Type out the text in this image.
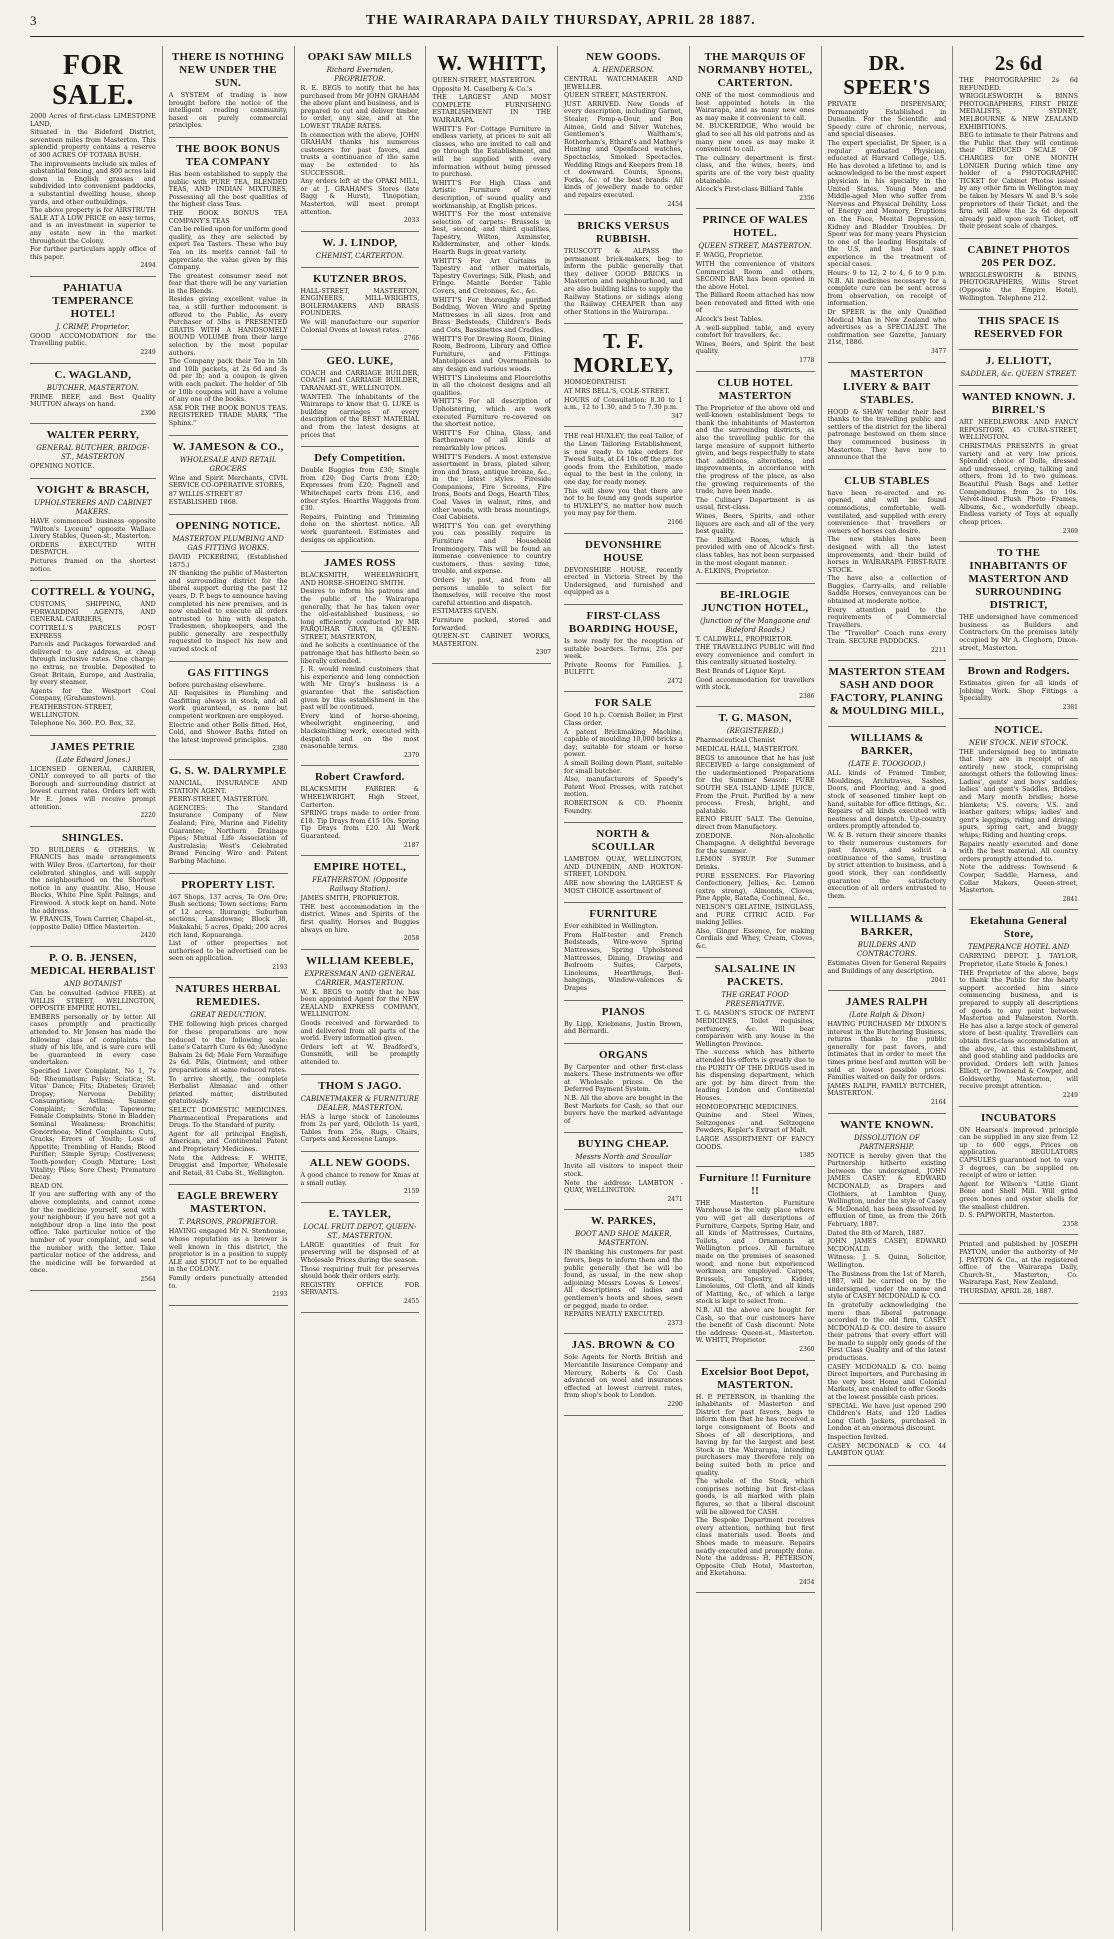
3	THE WAIRARAPA DAILY THURSDAY, APRIL 28 1887.
FOR SALE.
2000 Acres of first-class LIMESTONE LAND,
Situated in the Bideford District, seventeen miles from Masterton. This splendid property contains a reserve of 300 ACRES OF TOTARA BUSH.
The improvements include six miles of substantial fencing, and 800 acres laid down in English grasses and subdivided into convenient paddocks, a substantial dwelling house, sheep yards, and other outbuildings.
The above property is for AIRSTRUTH SALE AT A LOW PRICE on easy terms, and is an investment in superior to any estate now in the market throughout the Colony.
For further particulars apply office of this paper.
2494
PAHIATUA TEMPERANCE HOTEL!
J. CRIMP, Proprietor.
GOOD ACCOMODATION for the Travelling public.
2249
C. WAGLAND,
BUTCHER, MASTERTON.
PRIME BEEF, and Best Quality MUTTON always on hand.
2390
WALTER PERRY,
GENERAL BUTCHER, BRIDGE-ST., MASTERTON
OPENING NOTICE.
VOIGHT & BRASCH,
UPHOLSTERERS AND CABINET MAKERS.
HAVE commenced business opposite "Wilton's Lyceum" opposite Wallace Livery Stables, Queen-st., Masterton.
ORDERS EXECUTED WITH DESPATCH.
Pictures framed on the shortest notice.
COTTRELL & YOUNG,
CUSTOMS, SHIPPING, AND FORWARDING AGENTS, AND GENERAL CARRIERS,
COTTRELL'S PARCELS POST EXPRESS
Parcels and Packages forwarded and delivered to any address, at cheap through inclusive rates. One charge; no extras; no trouble. Deposited to Great Britain, Europe, and Australia, by every steamer.
Agents for the Westport Coal Company, (Grahamstown).
FEATHERSTON-STREET, WELLINGTON.
Telephone No. 360. P.O. Box, 32.
JAMES PETRIE
(Late Edward Jones.)
LICENSED GENERAL CARRIER, ONLY conveyed to all parts of the Borough and surrounding district at lowest current rates. Orders left with Mr E. Jones will receive prompt attention.
2220
SHINGLES.
TO BUILDERS & OTHERS. W. FRANCIS has made arrangements with Wiley Bros. (Carterton), for their celebrated shingles, and will supply the neighbourhood on the Shortest notice in any quantity. Also, House Blocks, White Pine Split Palings, and Firewood. A stock kept on hand. Note the address.
W. FRANCIS, Town Carrier, Chapel-st., (opposite Dalie) Office Masterton.
2420
P. O. B. JENSEN, MEDICAL HERBALIST
AND BOTANIST
Can be consulted (advice FREE) at WILLIS STREET, WELLINGTON, OPPOSITE EMPIRE HOTEL.
EMBERS personally or by letter. All cases promptly and practically attended to. Mr Jensen has made the following class of complaints the study of his life, and is sure cure will be guaranteed in every case undertaken.
Specified Liver Complaint, No 1, 7s 6d; Rheumatism; Palsy; Sciatica; St. Vitus' Dance; Fits; Diabetes; Gravel; Dropsy; Nervous Debility; Consumption; Asthma; Summer Complaint; Scrofula; Tapeworm; Female Complaints; Stone in Bladder; Seminal Weakness; Bronchitis; Gonorrhoea; Mind Complaints; Cuts, Cracks; Errors of Youth; Loss of Appetite; Trembling of Hands; Blood Purifier; Simple Syrup; Costiveness; Tooth-powder; Cough Mixture; Lost Vitality; Piles; Sore Chest; Premature Decay.
READ ON.
If you are suffering with any of the above complaints, and cannot come for the medicine yourself, send with your neighbour; if you have not got a neighbour drop a line into the post office. Take particular notice of the number of your complaint, and send the number with the letter. Take particular notice of the address, and the medicine will be forwarded at once.
2564
THERE IS NOTHING NEW UNDER THE SUN.
A SYSTEM of trading is now brought before the notice of the intelligent reading community, based on purely commercial principles.
THE BOOK BONUS TEA COMPANY
Has been established to supply the public with PURE TEA, BLENDED TEAS, AND INDIAN MIXTURES, Possessing all the best qualities of the highest class Teas.
THE BOOK BONUS TEA COMPANY'S TEAS
Can be relied upon for uniform good quality, as they are selected by expert Tea Tasters. These who buy Tea on its merits cannot fail to appreciate the value given by this Company.
The greatest consumer need not fear that there will be any variation in the Blends.
Besides giving excellent value in tea, a still further inducement is offered to the Public, As every Purchaser of 5lbs is PRESENTED GRATIS WITH A HANDSOMELY BOUND VOLUME from their large selection by the most popular authors.
The Company pack their Tea in 5lb and 10lb packets, at 2s 6d and 3s 0d per lb; and a coupon is given with each packet. The holder of 5lb or 10lb coupons will have a volume of any one of the books.
ASK FOR THE BOOK BONUS TEAS. REGISTERED TRADE MARK "The Sphinx."
W. JAMESON & CO.,
WHOLESALE AND RETAIL GROCERS
Wine and Spirit Merchants, CIVIL SERVICE CO-OPERATIVE STORES,
87 WILLIS-STREET 87
ESTABLISHED 1868.
OPENING NOTICE.
MASTERTON PLUMBING AND GAS FITTING WORKS.
DAVID PICKERING, (Established 1875.)
IN thanking the public of Masterton and surrounding district for the liberal support during the past 12 years, D. P. begs to announce having completed his new premises, and is now enabled to execute all orders entrusted to him with despatch. Tradesmen, shopkeepers, and the public generally are respectfully requested to inspect his new and varied stock of
GAS FITTINGS
before purchasing elsewhere.
All Requisites in Plumbing and Gasfitting always in stock, and all work guaranteed, as none but competent workmen are employed.
Electric and other Bells fitted. Hot, Cold, and Shower Baths fitted on the latest improved principles.
2380
G. S. W. DALRYMPLE
NANCIAL, INSURANCE AND STATION AGENT.
PERRY-STREET, MASTERTON.
AGENCIES: The Standard Insurance Company of New Zealand; Fire, Marine and Fidelity Guarantee; Northern Drainage Pipes; Mutual Life Association of Australasia; West's Celebrated Brand Fencing Wire and Patent Barbing Machine.
PROPERTY LIST.
467 Shops, 137 acres, Te Ore Ore; Bush sections; Town sections; Farm of 12 acres, Ihurangi; Suburban sections, Lansdowne; Block 38, Makakahi; 5 acres, Opaki; 200 acres rich land, Kopuaranga.
List of other properties not authorised to be advertised can be seen on application.
2193
NATURES HERBAL REMEDIES.
GREAT REDUCTION.
THE following high prices charged for these preparations are now reduced to the following scale: Lane's Catarrh Cure 4s 6d; Anodyne Balsam 2s 6d; Male Fern Vermifuge 2s 6d. Pills, Ointment, and other preparations at same reduced rates.
To arrive shortly, the complete Herbalist Almanac and other printed matter, distributed gratuitously.
SELECT DOMESTIC MEDICINES. Pharmaceutical Preparations and Drugs. To the Standard of purity.
Agent for all principal English, American, and Continental Patent and Proprietary Medicines.
Note the Address: F. WHITE, Druggist and Importer, Wholesale and Retail, 81 Cuba St., Wellington.
EAGLE BREWERY MASTERTON.
T. PARSONS, PROPRIETOR.
HAVING engaged Mr N. Stenhouse, whose reputation as a brewer is well known in this district, the proprietor is in a position to supply ALE and STOUT not to be equalled in the COLONY.
Family orders punctually attended to.
2193
OPAKI SAW MILLS
Richard Evernden, PROPRIETOR.
R. E. BEGS to notify that he has purchased from Mr JOHN GRAHAM the above plant and business, and is prepared to cut and deliver timber, to order, any size, and at the LOWEST TRADE RATES.
In connection with the above, JOHN GRAHAM thanks his numerous customers for past favors, and trusts a continuance of the same may be extended to his SUCCESSOR.
Any orders left at the OPAKI MILL, or at J. GRAHAM'S Stores (late Bagg & Hurst), Tinopotian, Masterton, will meet prompt attention.
2033
W. J. LINDOP,
CHEMIST, CARTERTON.
KUTZNER BROS.
HALL-STREET, MASTERTON, ENGINEERS, MILL-WRIGHTS, BOILERMAKERS AND BRASS FOUNDERS.
We will manufacture our superior Colonial Ovens at lowest rates.
2766
GEO. LUKE,
COACH and CARRIAGE BUILDER, COACH and CARRIAGE BUILDER, TARANAKI-ST., WELLINGTON.
WANTED. The inhabitants of the Wairarapa to know that G. LUKE is building carriages of every description of the BEST MATERIAL and from the latest designs at prices that
Defy Competition.
Double Buggies from £30; Single from £20; Dog Carts from £20; Expresses from £20; Pagnell and Whitechapel carts from £16, and other styles. Hearths Waggons from £30.
Repairs, Painting and Trimming done on the shortest notice. All work guaranteed. Estimates and designs on application.
JAMES ROSS
BLACKSMITH, WHEELWRIGHT, AND HORSE-SHOEING SMITH.
Desires to inform his patrons and the public of the Wairarapa generally, that he has taken over the old-established business, so long efficiently conducted by MR FARQUHAR GRAY, In QUEEN-STREET, MASTERTON,
and he solicits a continuance of the patronage that has hitherto been so liberally extended.
J. R. would remind customers that his experience and long connection with Mr Gray's business is a guarantee that the satisfaction given by this establishment in the past will be continued.
Every kind of horse-shoeing, wheelwright engineering, and blacksmithing work, executed with despatch and on the most reasonable terms.
2379
Robert Crawford.
BLACKSMITH FARRIER & WHEELWRIGHT, High Street, Carterton.
SPRING traps made to order from £18. Tip Drays from £15 10s. Spring Tip Drays from £20. All Work Guaranteed.
2187
EMPIRE HOTEL,
FEATHERSTON. (Opposite Railway Station).
JAMES SMITH, PROPRIETOR.
THE best accommodation in the district. Wines and Spirits of the first quality. Horses and Buggies always on hire.
2058
WILLIAM KEEBLE,
EXPRESSMAN AND GENERAL CARRIER, MASTERTON.
W. K. BEGS to notify that he has been appointed Agent for the NEW ZEALAND EXPRESS COMPANY, WELLINGTON.
Goods received and forwarded to and delivered from all parts of the world. Every information given.
Orders left at W. Bradford's, Gunsmith, will be promptly attended to.
THOM S JAGO.
CABINETMAKER & FURNITURE DEALER, MASTERTON.
HAS a large stock of Linoleums from 2s per yard, Oilcloth 1s yard, Tables from 25s, Rugs, Chairs, Carpets and Kerosene Lamps.
ALL NEW GOODS.
A good chance to renew for Xmas at a small outlay.
2159
E. TAYLER,
LOCAL FRUIT DEPOT, QUEEN-ST., MASTERTON.
LARGE quantities of fruit for preserving will be disposed of at Wholesale Prices during the season.
Those requiring fruit for preserves should book their orders early.
REGISTRY OFFICE FOR SERVANTS.
2455
W. WHITT,
QUEEN-STREET, MASTERTON.
Opposite M. Caselberg & Co.'s
THE LARGEST AND MOST COMPLETE FURNISHING ESTABLISHMENT IN THE WAIRARAPA.
WHITT'S For Cottage Furniture in endless variety, at prices to suit all classes, who are invited to call and go through the Establishment, and will be supplied with every information without being pressed to purchase.
WHITT'S For High Class and Artistic Furniture of every description, of sound quality and workmanship, at English prices.
WHITT'S For the most extensive selection of carpets: Brussels in best, second, and third qualities, Tapestry, Wilton, Axminster, Kidderminster, and other kinds. Hearth Rugs in great variety.
WHITT'S For Art Curtains in Tapestry and other materials, Tapestry Coverings; Silk, Plush, and Fringe. Mantle Border Table Covers, and Cretonnes, &c., &c.
WHITT'S For thoroughly purified Bedding, Woven Wire and Spring Mattresses in all sizes. Iron and Brass Bedsteads, Children's Beds and Cots, Bassinettes and Cradles.
WHITT'S For Drawing Room, Dining Room, Bedroom, Library and Office Furniture, and Fittings. Mantelpieces and Overmantels to any design and various woods.
WHITT'S Linoleums and Floorcloths in all the choicest designs and all qualities.
WHITT'S For all description of Upholstering, which are work executed Furniture re-covered on the shortest notice.
WHITT'S For China, Glass, and Earthenware of all kinds at remarkably low prices.
WHITT'S Fenders. A most extensive assortment in brass, plated silver, iron and brass, antique bronze, &c., in the latest styles. Fireside Companions, Fire Screens, Fire Irons, Boots and Dogs, Hearth Tiles, Coal Vases in walnut, rims, and other woods, with brass mountings, Coal Cabinets.
WHITT'S You can get everything you can possibly require in Furniture and Household Ironmongery. This will be found an immense convenience to country customers, thus saving time, trouble, and expense.
Orders by post, and from all persons unable to select for themselves, will receive the most careful attention and dispatch.
ESTIMATES GIVEN.
Furniture packed, stored and forwarded.
QUEEN-ST. CABINET WORKS, MASTERTON.
2307
NEW GOODS.
A. HENDERSON.
CENTRAL WATCHMAKER AND JEWELLER.
QUEEN STREET, MASTERTON.
JUST ARRIVED. New Goods of every description, including Garnet, Stealer, Pomp-a-Dour, and Bon Aimee, Gold and Silver Watches, Gentlemen's Waltham's, Rotherham's, Ethard's and Mathey's Hunting and Openfaced watches, Spectacles, Smoked Spectacles. Wedding Rings and Keepers from 18 ct downward. Counts, Spoons, Forks, &c. of the best brands. All kinds of jewellery made to order and repairs executed.
2454
BRICKS VERSUS RUBBISH.
TRUSCOTT & ALPASS the permanent brick-makers, beg to inform the public generally that they deliver GOOD BRICKS in Masterton and neighbourhood, and are also building kilns to supply the Railway Stations or sidings along the Railway CHEAPER than any other Stations in the Wairarapa.
T. F. MORLEY,
HOMOEOPATHIST.
AT MRS BELL'S, COLE-STREET.
HOURS of Consultation: 8.30 to 1 a.m., 12 to 1.30, and 5 to 7.30 p.m.
347
THE real HUXLEY, the real Tailor, of the Linen Tailoring Establishment, is now ready to take orders for Tweed Suits, at £4 10s off the prices goods from the Exhibition, made equal to the best in the colony, in one day, for ready money.
This will show you that there are not to be found any goods superior to HUXLEY'S, no matter how much you may pay for them.
2166
DEVONSHIRE HOUSE
DEVONSHIRE HOUSE, recently erected in Victoria Street by the Undersigned, and furnished and equipped as a
FIRST-CLASS BOARDING HOUSE,
Is now ready for the reception of suitable boarders. Terms, 25s per week.
Private Rooms for Families. J. BULFITT.
2472
FOR SALE
Good 10 h.p. Cornish Boiler, in First Class order.
A patent Brickmaking Machine, capable of moulding 10,000 bricks a day; suitable for steam or horse power.
A small Boiling down Plant, suitable for small butcher.
Also, manufacturers of Speedy's Patent Wool Presses, with ratchet motion.
ROBERTSON & CO. Phoenix Foundry.
NORTH & SCOULLAR
LAMBTON QUAY, WELLINGTON, AND DUNEDIN, AND HOXTON-STREET, LONDON.
ARE now showing the LARGEST & MOST CHOICE assortment of
FURNITURE
Ever exhibited in Wellington.
From Half-tester and French Bedsteads, Wire-wove Spring Mattresses, Spring Upholstered Mattresses, Dining, Drawing and Bedroom Suites, Carpets, Linoleums, Hearthrugs, Bed-hangings, Window-valences & Drapes
PIANOS
By Lipp, Kriebnans, Justin Brown, and Bernardi.
ORGANS
By Carpenter and other first-class makers. These instruments we offer at Wholesale prices. On the Deferred Payment System.
N.B. All the above are bought in the Best Markets for Cash, so that our buyers have the marked advantage of
BUYING CHEAP.
Messrs North and Scoullar
Invite all visitors to inspect their stock.
Note the address: LAMBTON - QUAY, WELLINGTON.
2471
W. PARKES,
BOOT AND SHOE MAKER, MASTERTON.
IN thanking his customers for past favors, begs to inform them and the public generally that he will be found, as usual, in the new shop adjoining Messrs Lowes & Lowes'. All descriptions of ladies and gentlemen's boots and shoes, sewn or pegged, made to order.
REPAIRS NEATLY EXECUTED.
2373
JAS. BROWN & CO
Sole Agents for North British and Mercantile Insurance Company and Mercury, Roberts & Co. Cash advanced on wool and insurances effected at lowest current rates, from shop's book to London.
2290
THE MARQUIS OF NORMANBY HOTEL, CARTERTON.
ONE of the most commodious and best appointed hotels in the Wairarapa, and as many new ones as may make it convenient to call.
M. BUCKERIDGE, Who would be glad to see all his old patrons and as many new ones as may make it convenient to call.
The culinary department is first-class, and the wines, beers, and spirits are of the very best quality obtainable.
Alcock's First-class Billiard Table
2356
PRINCE OF WALES HOTEL.
QUEEN STREET, MASTERTON.
F. WAGG, Proprietor.
WITH the convenience of visitors Commercial Room and others, SECOND BAR has been opened in the above Hotel.
The Billiard Room attached has now been renovated and fitted with one of
Alcock's best Tables.
A well-supplied table, and every comfort for travellers, &c.
Wines, Beers, and Spirit the best quality.
1778
CLUB HOTEL MASTERTON
The Proprietor of the above old and well-known establishment begs to thank the inhabitants of Masterton and the surrounding districts, as also the travelling public for the large measure of support hitherto given, and begs respectfully to state that additions, alterations, and improvements, in accordance with the progress of the place, as also the growing requirements of the trade, have been made.
The Culinary Department is as usual, first-class.
Wines, Beers, Spirits, and other liquors are each and all of the very best quality.
The Billiard Room, which is provided with one of Alcock's first-class tables, has not been surpassed in the most elegant manner.
A. ELKINS, Proprietor.
BE-IRLOGIE JUNCTION HOTEL,
(Junction of the Mangaone and Bideford Roads.)
T. CALDWELL, PROPRIETOR.
THE TRAVELLING PUBLIC will find every convenience and comfort in this centrally situated hostelry.
Best Brands of Liquor Kept.
Good accommodation for travellers with stock.
2386
T. G. MASON,
(REGISTERED.)
Pharmaceutical Chemist
MEDICAL HALL, MASTERTON.
BEGS to announce that he has just RECEIVED a large consignment of the undermentioned Preparations for the Summer Season: PURE SOUTH SEA ISLAND LIME JUICE. From the Fruit. Purified by a new process. Fresh, bright, and palatable.
EENO FRUIT SALT. The Genuine, direct from Manufactory.
ZOEDONE. Non-alcoholic Champagne. A delightful beverage for the summer.
LEMON SYRUP. For Summer Drinks.
PURE ESSENCES. For Flavoring Confectionery, Jellies, &c. Lemon (extra strong), Almonds, Cloves, Pine Apple, Ratafia, Cochineal, &c.
NELSON'S GELATINE, ISINGLASS, and PURE CITRIC ACID. For making Jellies.
Also, Ginger Essence, for making Cordials and Whey, Cream, Cloves, &c.
SALSALINE IN PACKETS.
THE GREAT FOOD PRESERVATIVE.
T. G. MASON'S STOCK OF PATENT MEDICINES, Toilet requisites, perfumery, &c. Will bear comparison with any house in the Wellington Province.
The success which has hitherto attended his efforts is greatly due to the PURITY OF THE DRUGS used in his dispensing department, which are got by him direct from the leading London and Continental Houses.
HOMOEOPATHIC MEDICINES.
Quinine and Steel Wines, Seltzogenes and Seltzogene Powders, Kepler's Extract of Malt.
LARGE ASSORTMENT OF FANCY GOODS.
1385
Furniture !! Furniture !!
THE Masterton Furniture Warehouse is the only place where you will get all descriptions of Furniture, Carpets, Spring Hair, and all kinds of Mattresses, Curtains, Toilets, and Ornaments at Wellington prices. All furniture made on the premises of seasoned wood, and none but experienced workmen are employed. Carpets, Brussels, Tapestry, Kidder, Linoleums, Oil Cloth, and all kinds of Matting, &c., of which a large stock is kept to select from.
N.B. All the above are bought for Cash, so that our customers have the benefit of Cash discount. Note the address: Queen-st., Masterton. W. WHITT, Proprietor.
2360
Excelsior Boot Depot, MASTERTON.
H. P. PETERSON, in thanking the inhabitants of Masterton and District for past favors, begs to inform them that he has received a large consignment of Boots and Shoes of all descriptions, and having by far the largest and best Stock in the Wairarapa, intending purchasers may therefore rely on being suited both in price and quality.
The whole of the Stock, which comprises nothing but first-class goods, is all marked with plain figures, so that a liberal discount will be allowed for CASH.
The Bespoke Department receives every attention, nothing but first class materials used. Boots and Shoes made to measure. Repairs neatly executed and promptly done. Note the address: H. PETERSON, Opposite Club Hotel, Masterton, and Eketahuna.
2454
DR. SPEER'S
PRIVATE DISPENSARY, Permanently Established in Dunedin. For the Scientific and Speedy cure of chronic, nervous, and special diseases.
The expert specialist, Dr Speer, is a regular graduated Physician, educated at Harvard College, U.S. He has devoted a lifetime to, and is acknowledged to be the most expert physician in his specialty in the United States. Young Men and Middle-aged Men who suffer from Nervous and Physical Debility, Loss of Energy and Memory, Eruptions on the Face, Mental Depression, Kidney and Bladder Troubles. Dr Speer was for many years Physician to one of the leading Hospitals of the U.S. and has had vast experience in the treatment of special cases.
Hours: 9 to 12, 2 to 4, 6 to 9 p.m. N.B. All medicines necessary for a complete cure can be sent across from observation, on receipt of information.
Dr SPEER is the only Qualified Medical Man in New Zealand who advertises as a SPECIALIST. The confirmation see Gazette, January 21st, 1886.
3477
MASTERTON LIVERY & BAIT STABLES.
HOOD & SHAW tender their best thanks to the travelling public and settlers of the district for the liberal patronage bestowed on them since they commenced business in Masterton. They have now to announce that the
CLUB STABLES
have been re-erected and re-opened, and will be found commodious, comfortable, well-ventilated, and supplied with every convenience that travellers or owners of horses can desire.
The new stables have been designed with all the latest improvements, and their build of horses in WAIRARAPA FIRST-RATE STOCK.
The have also a collection of Buggies, Carry-alls, and reliable Saddle Horses, conveyances can be obtained at moderate notice.
Every attention paid to the requirements of Commercial Travellers.
The "Traveller" Coach runs every Train. SECURE PADDOCKS.
2211
MASTERTON STEAM SASH AND DOOR FACTORY, PLANING & MOULDING MILL,
WILLIAMS & BARKER,
(LATE E. TOOGOOD.)
ALL kinds of Framed Timber, Mouldings, Architraves, Sashes, Doors, and Flooring, and a good stock of seasoned timber kept on hand, suitable for office fittings, &c. Repairs of all kinds executed with neatness and despatch. Up-country orders promptly attended to.
W. & B. return their sincere thanks to their numerous customers for past favours, and solicit a continuance of the same, trusting by strict attention to business, and a good stock, they can confidently guarantee the satisfactory execution of all orders entrusted to them.
WILLIAMS & BARKER,
BUILDERS AND CONTRACTORS.
Estimates Given for General Repairs and Buildings of any description.
2041
JAMES RALPH
(Late Ralph & Dixon)
HAVING PURCHASED Mr DIXON'S interest in the Butchering Business, returns thanks to the public generally for past favors, and intimates that in order to meet the times prime beef and mutton will be sold at lowest possible prices. Families waited on daily for orders.
JAMES RALPH, FAMILY BUTCHER, MASTERTON.
2164
WANTE KNOWN.
DISSOLUTION OF PARTNERSHIP.
NOTICE is hereby given that the Partnership hitherto existing between the undersigned, JOHN JAMES CASEY & EDWARD MCDONALD, as Drapers and Clothiers, at Lambton Quay, Wellington, under the style of Casey & McDonald, has been dissolved by effluxion of time, as from the 26th February, 1887.
Dated the 8th of March, 1887.
JOHN JAMES CASEY, EDWARD MCDONALD.
Witness: J. S. Quinn, Solicitor, Wellington.
The Business from the 1st of March, 1887, will be carried on by the undersigned, under the name and style of CASEY MCDONALD & CO.
In gratefully acknowledging the more than liberal patronage accorded to the old firm, CASEY MCDONALD & CO. desire to assure their patrons that every effort will be made to supply only goods of the First Class Quality and of the latest productions.
CASEY MCDONALD & CO. being Direct Importers, and Purchasing in the very best Home and Colonial Markets, are enabled to offer Goods at the lowest possible cash prices.
SPECIAL. We have just opened 290 Children's Hats, and 120 Ladies Long Cloth Jackets, purchased in London at an enormous discount.
Inspection Invited.
CASEY MCDONALD & CO. 44 LAMBTON QUAY.
2s 6d
THE PHOTOGRAPHIC 2s 6d REFUNDED.
WRIGGLESWORTH & BINNS PHOTOGRAPHERS, FIRST PRIZE MEDALISTS, SYDNEY, MELBOURNE & NEW ZEALAND EXHIBITIONS.
BEG to intimate to their Patrons and the Public that they will continue their REDUCED SCALE OF CHARGES for ONE MONTH LONGER During which time any holder of a PHOTOGRAPHIC TICKET for Cabinet Photos issued by any other firm in Wellington may be taken by Messrs W. and B.'s sole proprietors of their Ticket, and the firm will allow the 2s 6d deposit already paid upon such Ticket, off their present scale of charges.
CABINET PHOTOS 20S PER DOZ.
WRIGGLESWORTH & BINNS, PHOTOGRAPHERS, Willis Street (Opposite the Empire Hotel), Wellington. Telephone 212.
THIS SPACE IS RESERVED FOR
J. ELLIOTT,
SADDLER, &c. QUEEN STREET.
WANTED KNOWN. J. BIRREL'S
ART NEEDLEWORK AND FANCY REPOSITORY, 45 CUBA-STREET, WELLINGTON.
CHRISTMAS PRESENTS in great variety and at very low prices. Splendid choice of Dolls, dressed and undressed, crying, talking and others, from 1d to two guineas. Beautiful Plush Bags and Letter Compendiums from 2s to 10s. Velvet-lined Plush Photo Frames, Albums, &c., wonderfully cheap. Endless variety of Toys at equally cheap prices.
2369
TO THE INHABITANTS OF MASTERTON AND SURROUNDING DISTRICT,
THE undersigned have commenced business as Builders and Contractors On the premises lately occupied by Mr A. Cleghorn, Dixon-street, Masterton.
Brown and Rodgers.
Estimates given for all kinds of Jobbing Work. Shop Fittings a Speciality.
2381
NOTICE.
NEW STOCK. NEW STOCK.
THE undersigned beg to intimate that they are in receipt of an entirely new stock, comprising amongst others the following lines: Ladies', gents' and boys' saddles; ladies' and gent's Saddles, Bridles, and Mary month bridles; horse blankets; V.S. covers; V.S. and leather gaiters; whips; ladies' and gent's leggings, riding and driving; spurs, spring cart, and buggy whips; Riding and hunting crops.
Repairs neatly executed and done with the best material. All country orders promptly attended to.
Note the address: Townsend & Cowper, Saddle, Harness, and Collar Makers, Queen-street, Masterton.
2841
Eketahuna General Store,
TEMPERANCE HOTEL AND
CARRYING DEPOT. J. TAYLOR, Proprietor, (Late Steele & Jones.)
THE Proprietor of the above, begs to thank the Public for the hearty support accorded him since commencing business, and is prepared to supply all descriptions of goods to any point between Masterton and Palmerston North. He has also a large stock of general store of best quality. Travellers can obtain first-class accommodation at the above, at this establishment, and good stabling and paddocks are provided. Orders left with James Elliott, or Townsend & Cowper, and Goldsworthy, Masterton, will receive prompt attention.
2249
INCUBATORS
ON Hearson's improved principle can be supplied in any size from 12 up to 600 eggs. Prices on application. REGULATORS CAPSULES guaranteed not to vary 3 degrees, can be supplied on receipt of wire or letter.
Agent for Wilson's "Little Giant Bone and Shell Mill. Will grind green bones and oyster shells for the smallest children.
D. S. PAPWORTH, Masterton.
2358
Printed and published by JOSEPH PAYTON, under the authority of Mr J. PAYTON & Co., at the registered office of the Wairarapa Daily, Church-St., Masterton, Co. Wairarapa East, New Zealand.
THURSDAY, APRIL 28, 1887.
